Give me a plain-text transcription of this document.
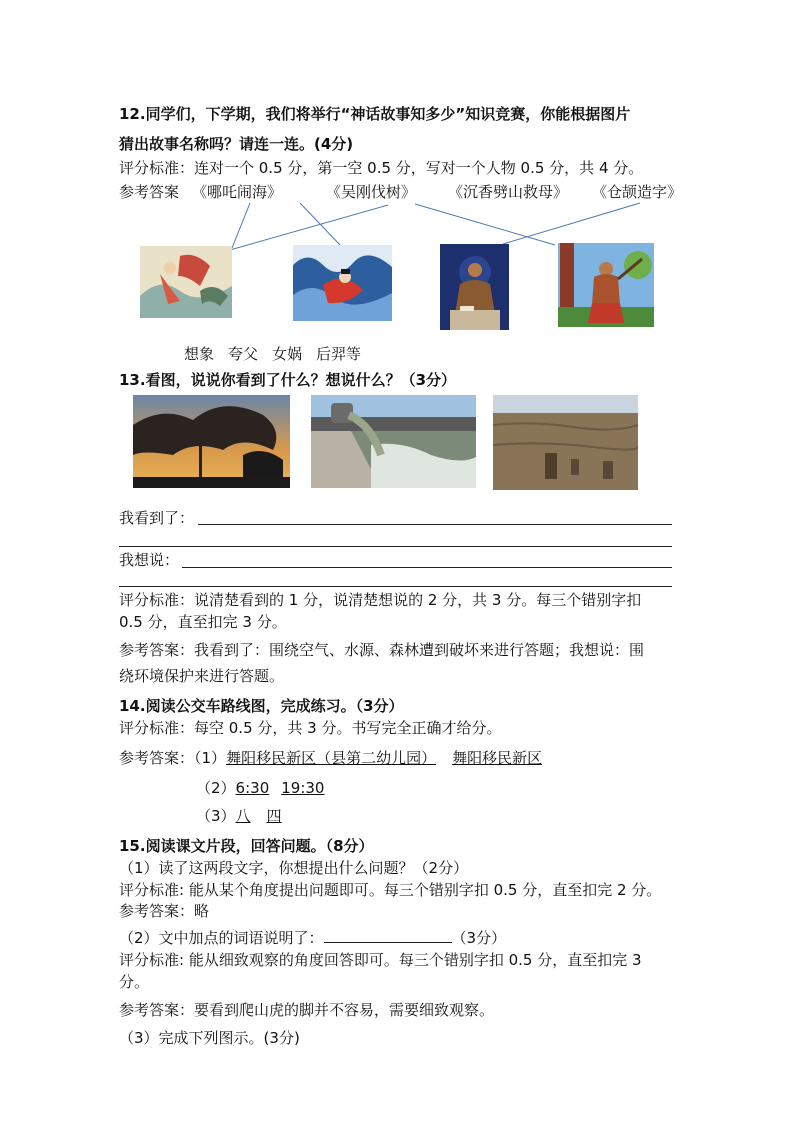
12.同学们，下学期，我们将举行“神话故事知多少”知识竞赛，你能根据图片
猜出故事名称吗？请连一连。(4分)
评分标准：连对一个 0.5 分，第一空 0.5 分，写对一个人物 0.5 分，共 4 分。
参考答案 《哪吒闹海》	《吴刚伐树》 《沉香劈山救母》 《仓颉造字》
想象 夸父 女娲 后羿等
13.看图，说说你看到了什么？想说什么？（3分）
我看到了：
我想说：
评分标准：说清楚看到的 1 分，说清楚想说的 2 分，共 3 分。每三个错别字扣
0.5 分，直至扣完 3 分。
参考答案：我看到了：围绕空气、水源、森林遭到破坏来进行答题；我想说：围
绕环境保护来进行答题。
14.阅读公交车路线图，完成练习。（3分）
评分标准：每空 0.5 分，共 3 分。书写完全正确才给分。
参考答案：（1）舞阳移民新区（县第二幼儿园） 舞阳移民新区
（2）6:30 19:30
（3）八 四
15.阅读课文片段，回答问题。（8分）
（1）读了这两段文字，你想提出什么问题？（2分）
评分标准: 能从某个角度提出问题即可。每三个错别字扣 0.5 分，直至扣完 2 分。
参考答案：略
（2）文中加点的词语说明了：	（3分）
评分标准: 能从细致观察的角度回答即可。每三个错别字扣 0.5 分，直至扣完 3
分。
参考答案：要看到爬山虎的脚并不容易，需要细致观察。
（3）完成下列图示。(3分)
